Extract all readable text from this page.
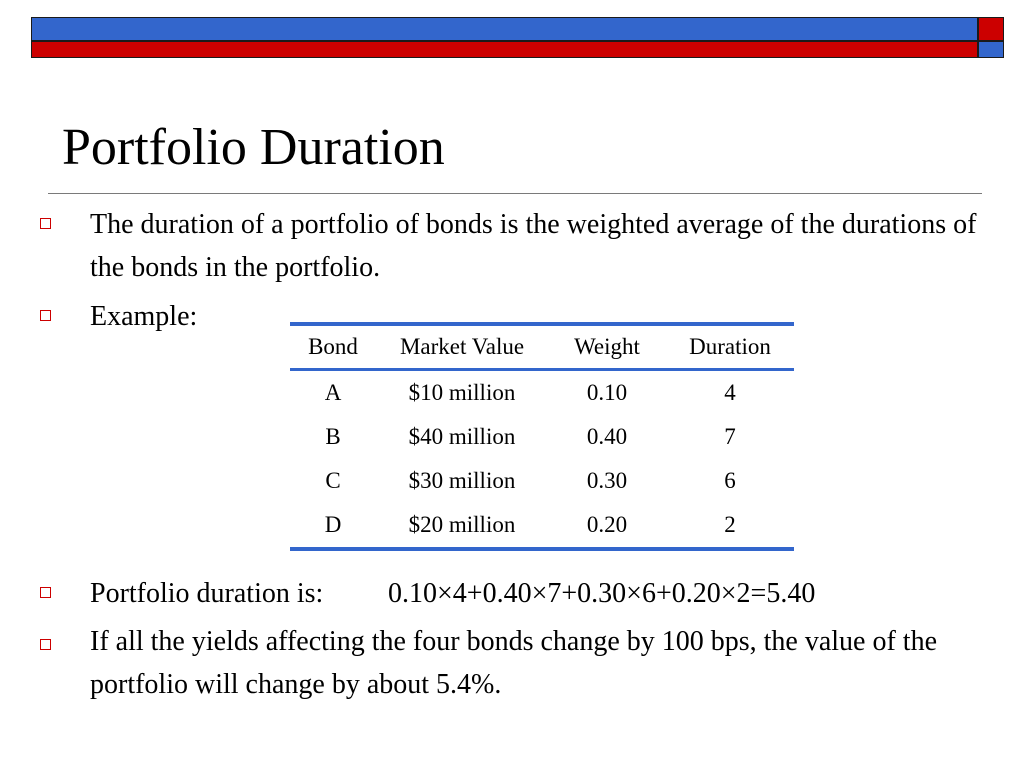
Portfolio Duration
The duration of a portfolio of bonds is the weighted average of the durations of the bonds in the portfolio.
Example:
Bond	Market Value	Weight	Duration
A	$10 million	0.10	4
B	$40 million	0.40	7
C	$30 million	0.30	6
D	$20 million	0.20	2
Portfolio duration is:	0.10×4+0.40×7+0.30×6+0.20×2=5.40
If all the yields affecting the four bonds change by 100 bps, the value of the portfolio will change by about 5.4%.
